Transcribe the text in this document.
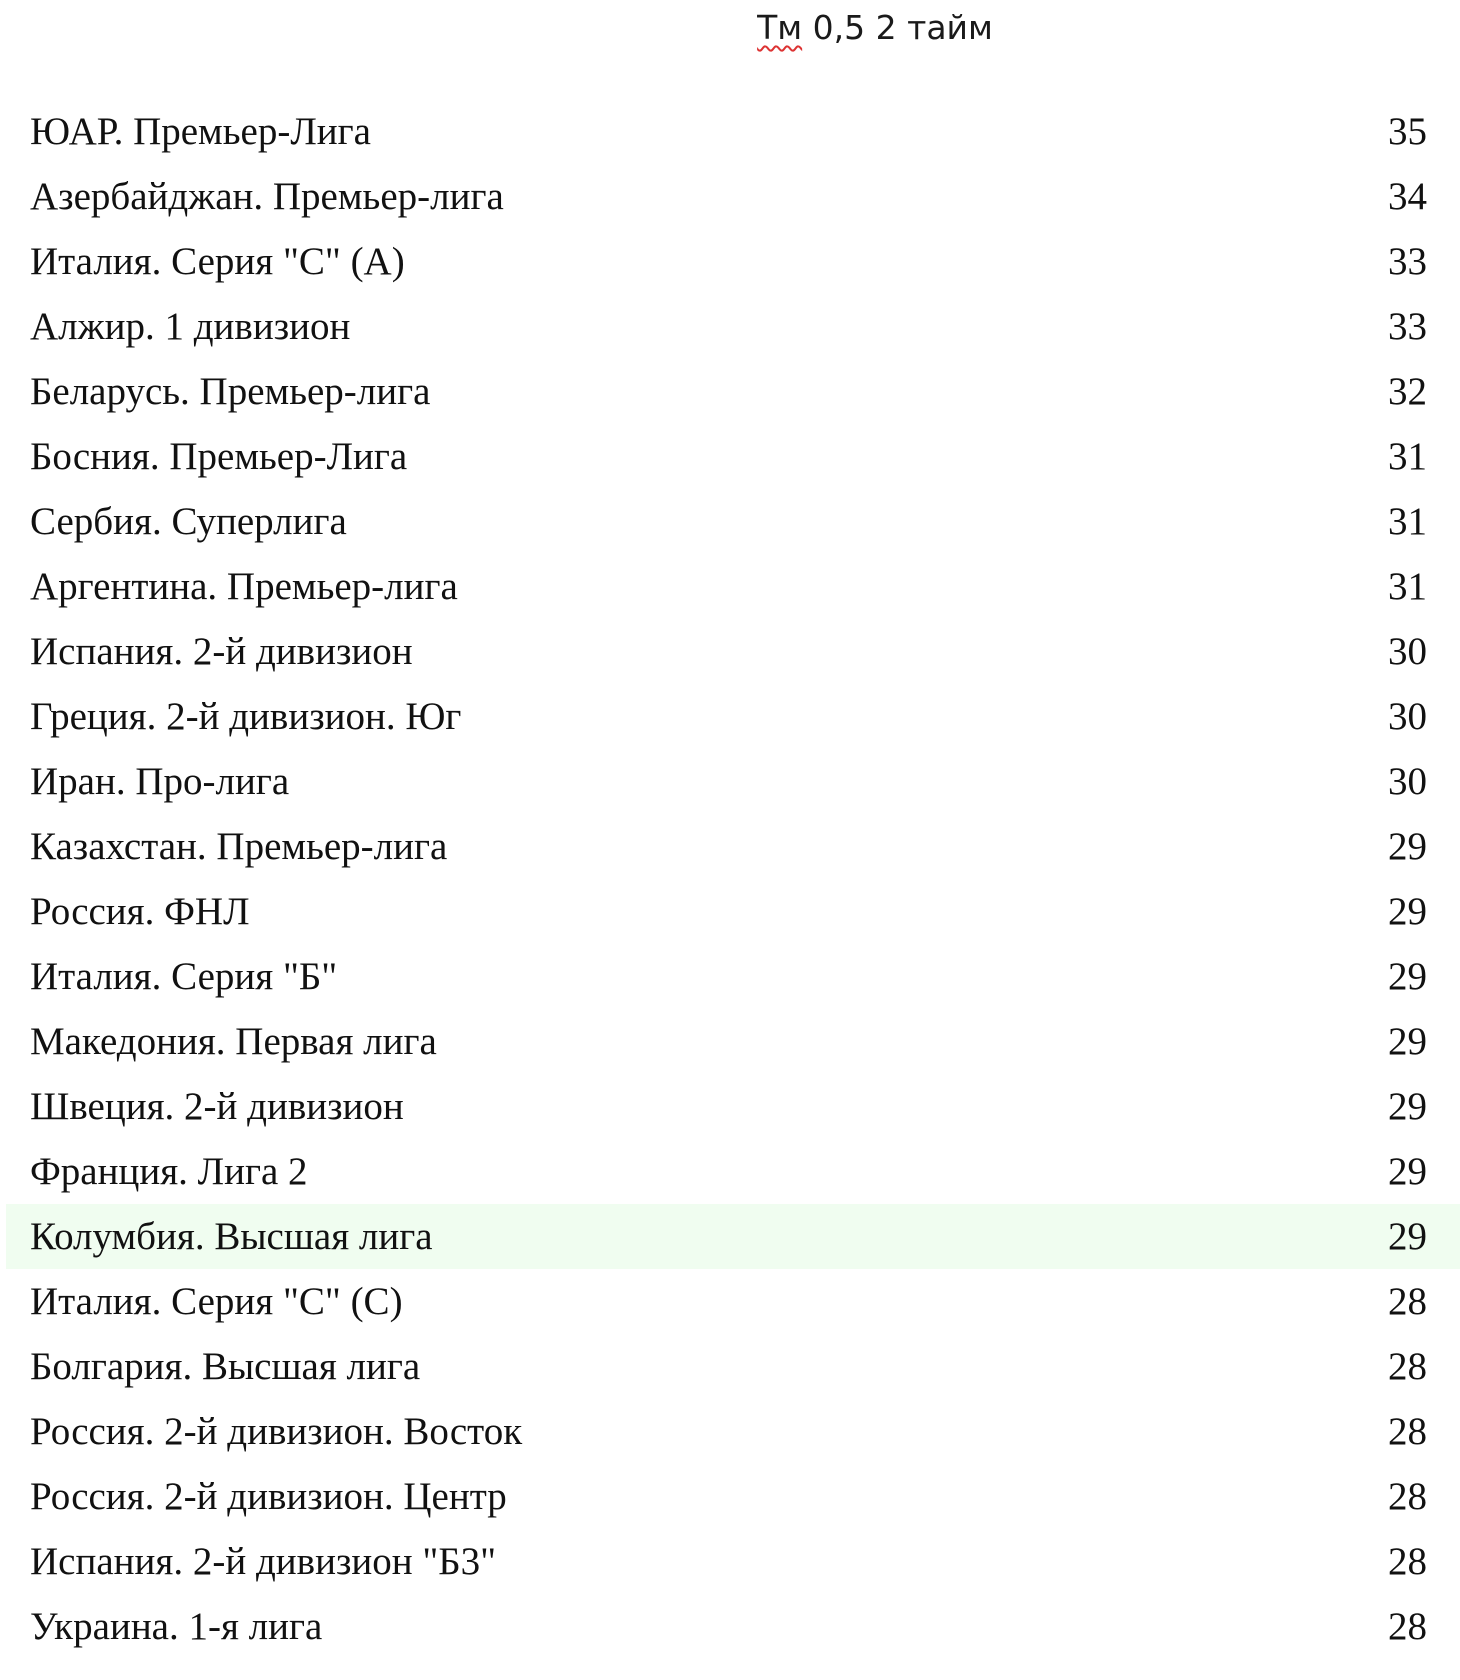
Тм 0,5 2 тайм
ЮАР. Премьер-Лига	35
Азербайджан. Премьер-лига	34
Италия. Серия "С" (А)	33
Алжир. 1 дивизион	33
Беларусь. Премьер-лига	32
Босния. Премьер-Лига	31
Сербия. Суперлига	31
Аргентина. Премьер-лига	31
Испания. 2-й дивизион	30
Греция. 2-й дивизион. Юг	30
Иран. Про-лига	30
Казахстан. Премьер-лига	29
Россия. ФНЛ	29
Италия. Серия "Б"	29
Македония. Первая лига	29
Швеция. 2-й дивизион	29
Франция. Лига 2	29
Колумбия. Высшая лига	29
Италия. Серия "С" (С)	28
Болгария. Высшая лига	28
Россия. 2-й дивизион. Восток	28
Россия. 2-й дивизион. Центр	28
Испания. 2-й дивизион "Б3"	28
Украина. 1-я лига	28
